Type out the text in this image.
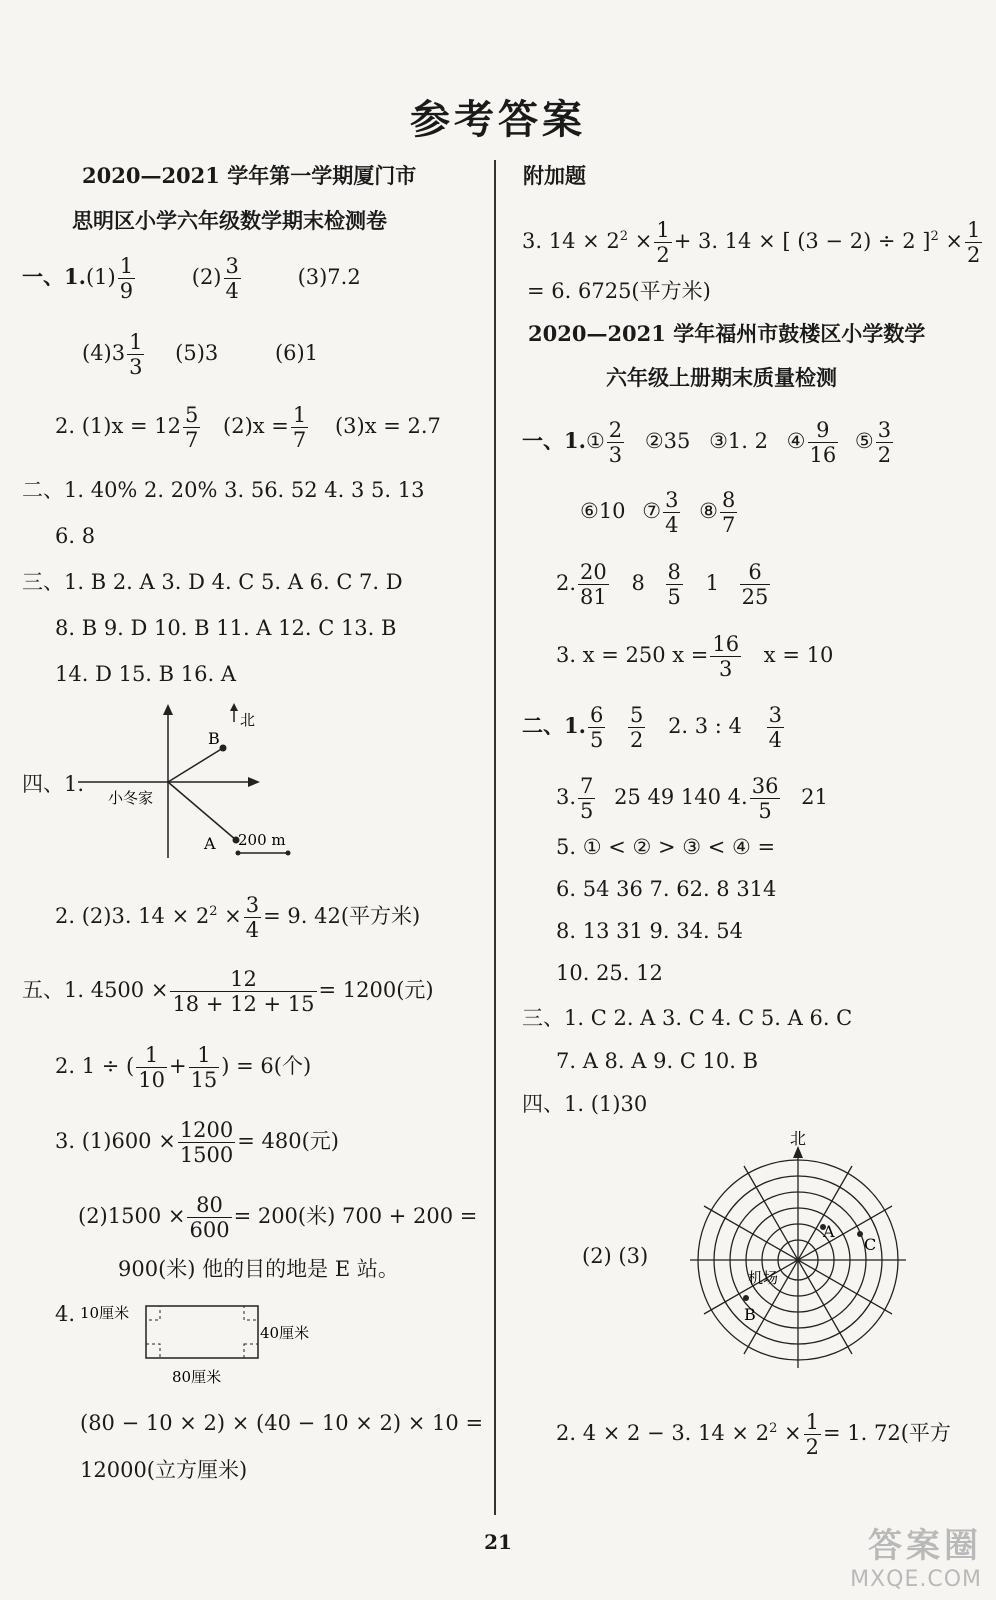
参考答案
2020—2021 学年第一学期厦门市
思明区小学六年级数学期末检测卷
一、$1.(1) \frac{1}{9}$	$(2) \frac{3}{4}$	(3)7.2
$(4)3 \frac{1}{3} (5)3$	(6)1
2. $(1)x = 12 \frac{5}{7} (2)x = \frac{1}{7} (3)x = 2.7$
二、1. 40% 2. 20% 3. 56. 52 4. 3 5. 13
6. 8
三、1. B 2. A 3. D 4. C 5. A 6. C 7. D
8. B 9. D 10. B 11. A 12. C 13. B
14. D 15. B 16. A
四、1.
北
小冬家
B
A 200 m
2. (2)3. $14 \times 2^2 \times \frac{3}{4} = 9$. 42(平方米)
五、1. $4500 \times \frac{12}{18 + 12 + 15} = 1200$(元)
2. 1 ÷ ( $\frac{1}{10} + \frac{1}{15}$ ) = 6(个)
3. $(1)600 \times \frac{1200}{1500} = 480$(元)
$(2)1500 \times \frac{80}{600} = 200$(米) 700 + 200 =
900(米) 他的目的地是 E 站。
4. 10厘米
40厘米
80厘米
(80 − 10 × 2) × (40 − 10 × 2) × 10 =
12000(立方厘米)
附加题
3. $14 \times 2^2 \times \frac{1}{2} + 3$. 14 × [ (3 − 2) ÷ 2 ]$^2 \times \frac{1}{2}$
= 6. 6725(平方米)
2020—2021 学年福州市鼓楼区小学数学
六年级上册期末质量检测
一、1.① $\frac{2}{3}$ ②35 ③1. 2 ④ $\frac{9}{16}$ ⑤ $\frac{3}{2}$
⑥10 ⑦ $\frac{3}{4}$ ⑧ $\frac{8}{7}$
2. $\frac{20}{81} 8 \frac{8}{5} 1 \frac{6}{25}$
3. x = 250 $x = \frac{16}{3}$ x = 10
二、1. $\frac{6}{5}$
$\frac{5}{2} 2$. 3 : $4 \frac{3}{4}$
3. $\frac{7}{5} 25$ 49 140 4. $\frac{36}{5} 21$
5. ① < ② > ③ < ④ =
6. 54 36 7. 62. 8 314
8. 13 31 9. 34. 54
10. 25. 12
三、1. C 2. A 3. C 4. C 5. A 6. C
7. A 8. A 9. C 10. B
四、1. (1)30
(2) (3)
北
A
C
B
机场
2. 4 × 2 − 3. $14 \times 2^2 \times \frac{1}{2} = 1$. 72(平方
21	答案圈
MXQE.COM
